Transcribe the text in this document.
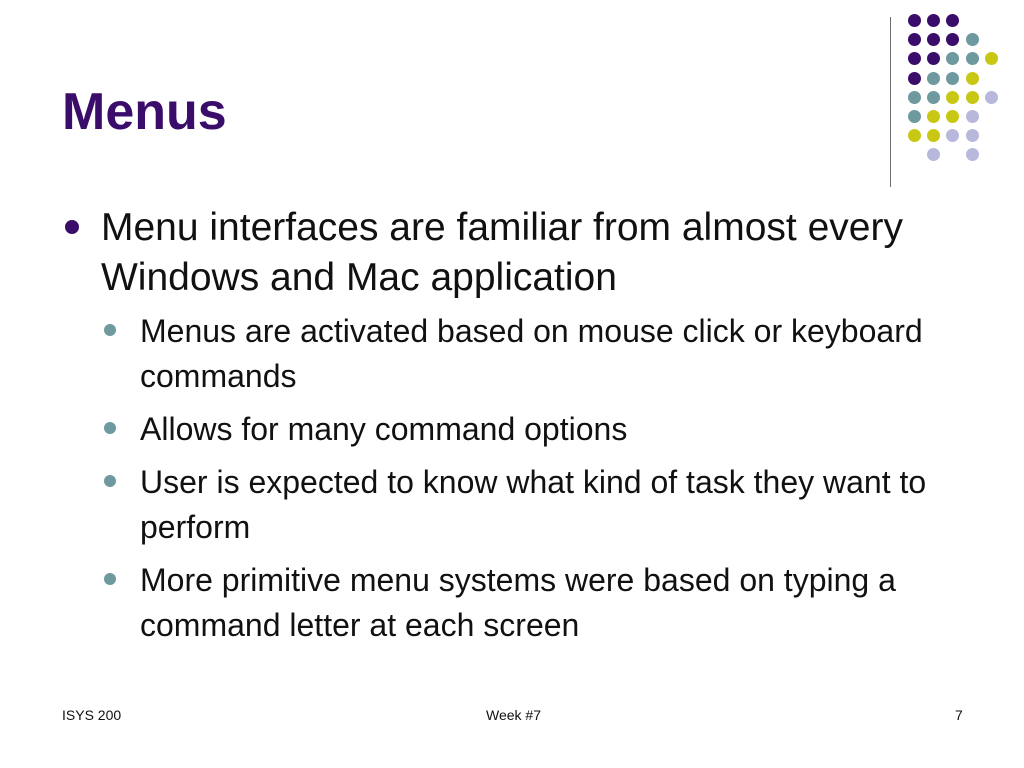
Menus
Menu interfaces are familiar from almost every Windows and Mac application
Menus are activated based on mouse click or keyboard commands
Allows for many command options
User is expected to know what kind of task they want to perform
More primitive menu systems were based on typing a command letter at each screen
ISYS 200	Week #7	7
